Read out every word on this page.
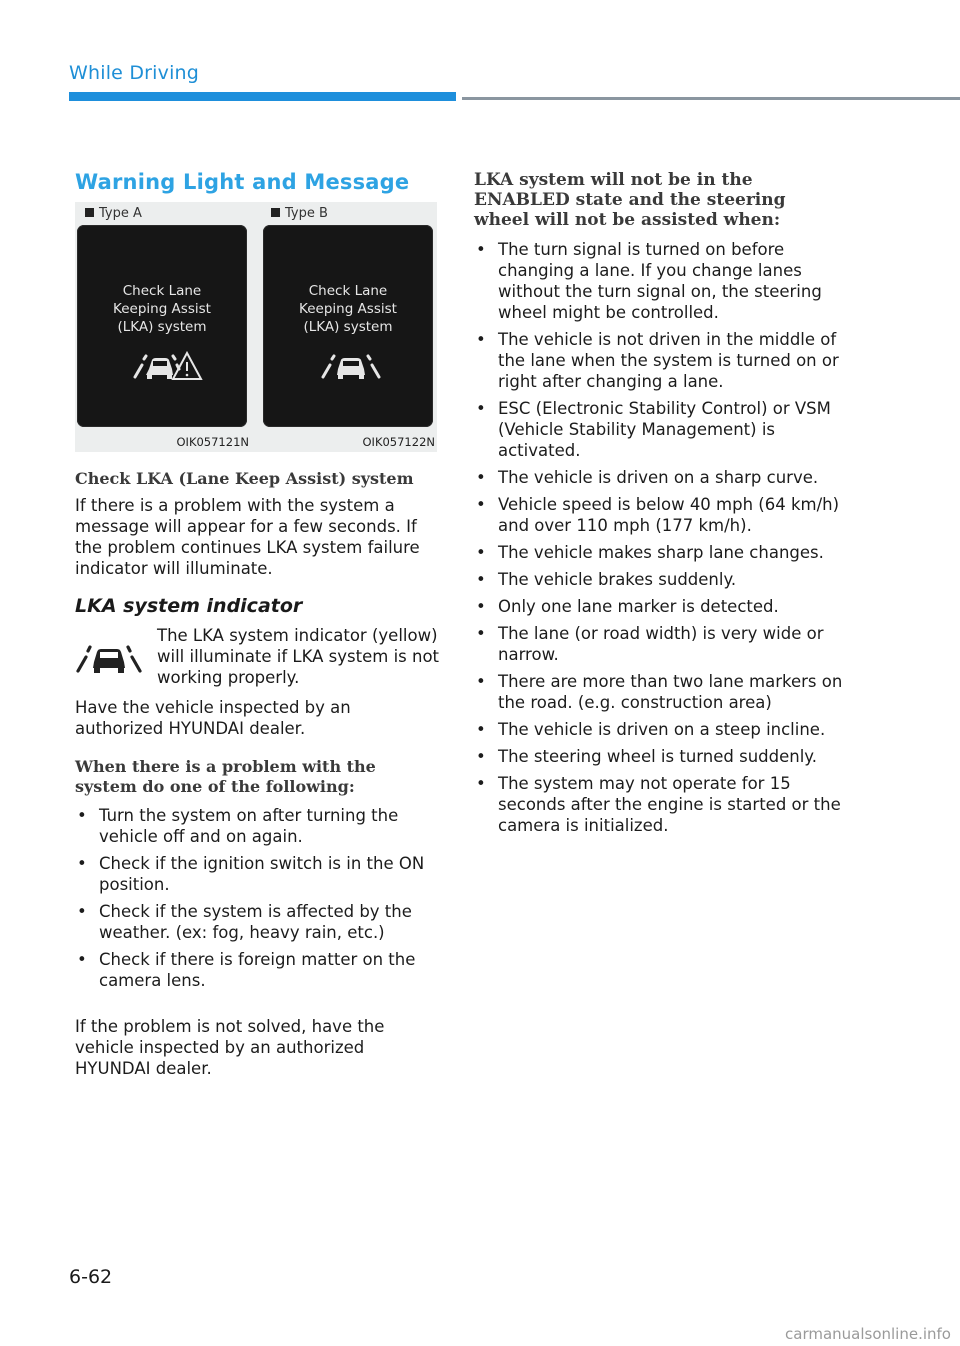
While Driving
Warning Light and Message
Type A
Check Lane
Keeping Assist
(LKA) system
OIK057121N
Type B
Check Lane
Keeping Assist
(LKA) system
OIK057122N

Check LKA (Lane Keep Assist) system

If there is a problem with the system a message will appear for a few seconds. If the problem continues LKA system failure indicator will illuminate.

LKA system indicator

The LKA system indicator (yellow) will illuminate if LKA system is not working properly.

Have the vehicle inspected by an authorized HYUNDAI dealer.

When there is a problem with the system do one of the following:

• Turn the system on after turning the vehicle off and on again.
• Check if the ignition switch is in the ON position.
• Check if the system is affected by the weather. (ex: fog, heavy rain, etc.)
• Check if there is foreign matter on the camera lens.

If the problem is not solved, have the vehicle inspected by an authorized HYUNDAI dealer.

LKA system will not be in the ENABLED state and the steering wheel will not be assisted when:

• The turn signal is turned on before changing a lane. If you change lanes without the turn signal on, the steering wheel might be controlled.
• The vehicle is not driven in the middle of the lane when the system is turned on or right after changing a lane.
• ESC (Electronic Stability Control) or VSM (Vehicle Stability Management) is activated.
• The vehicle is driven on a sharp curve.
• Vehicle speed is below 40 mph (64 km/h) and over 110 mph (177 km/h).
• The vehicle makes sharp lane changes.
• The vehicle brakes suddenly.
• Only one lane marker is detected.
• The lane (or road width) is very wide or narrow.
• There are more than two lane markers on the road. (e.g. construction area)
• The vehicle is driven on a steep incline.
• The steering wheel is turned suddenly.
• The system may not operate for 15 seconds after the engine is started or the camera is initialized.
6-62
carmanualsonline.info
